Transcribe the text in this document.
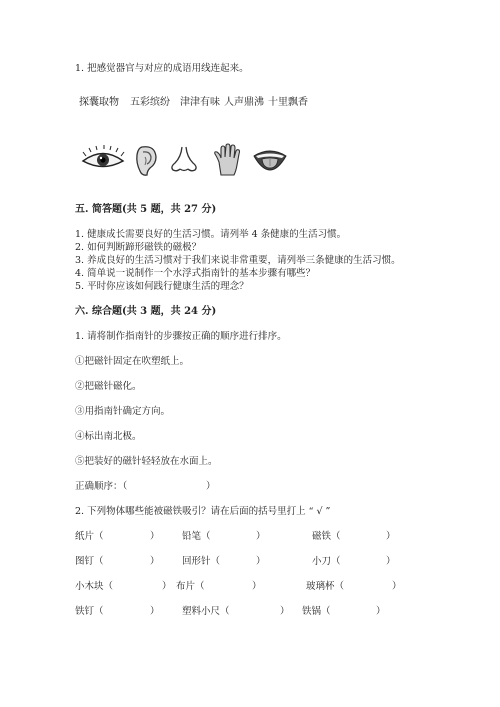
1. 把感觉器官与对应的成语用线连起来。
探囊取物 五彩缤纷 津津有味 人声鼎沸 十里飘香
五. 简答题(共 5 题，共 27 分)
1. 健康成长需要良好的生活习惯。请列举 4 条健康的生活习惯。
2. 如何判断蹄形磁铁的磁极？
3. 养成良好的生活习惯对于我们来说非常重要，请列举三条健康的生活习惯。
4. 简单说一说制作一个水浮式指南针的基本步骤有哪些？
5. 平时你应该如何践行健康生活的理念？
六. 综合题(共 3 题，共 24 分)
1. 请将制作指南针的步骤按正确的顺序进行排序。
①把磁针固定在吹塑纸上。
②把磁针磁化。
③用指南针确定方向。
④标出南北极。
⑤把装好的磁针轻轻放在水面上。
正确顺序：（	）
2. 下列物体哪些能被磁铁吸引？请在后面的括号里打上 “ √ ”
纸片（	） 铅笔（	）	磁铁（	）
图钉（	） 回形针（	）	小刀（	）
小木块（	） 布片（	）	玻璃杯（	）
铁钉（	） 塑料小尺（	） 铁锅（	）
